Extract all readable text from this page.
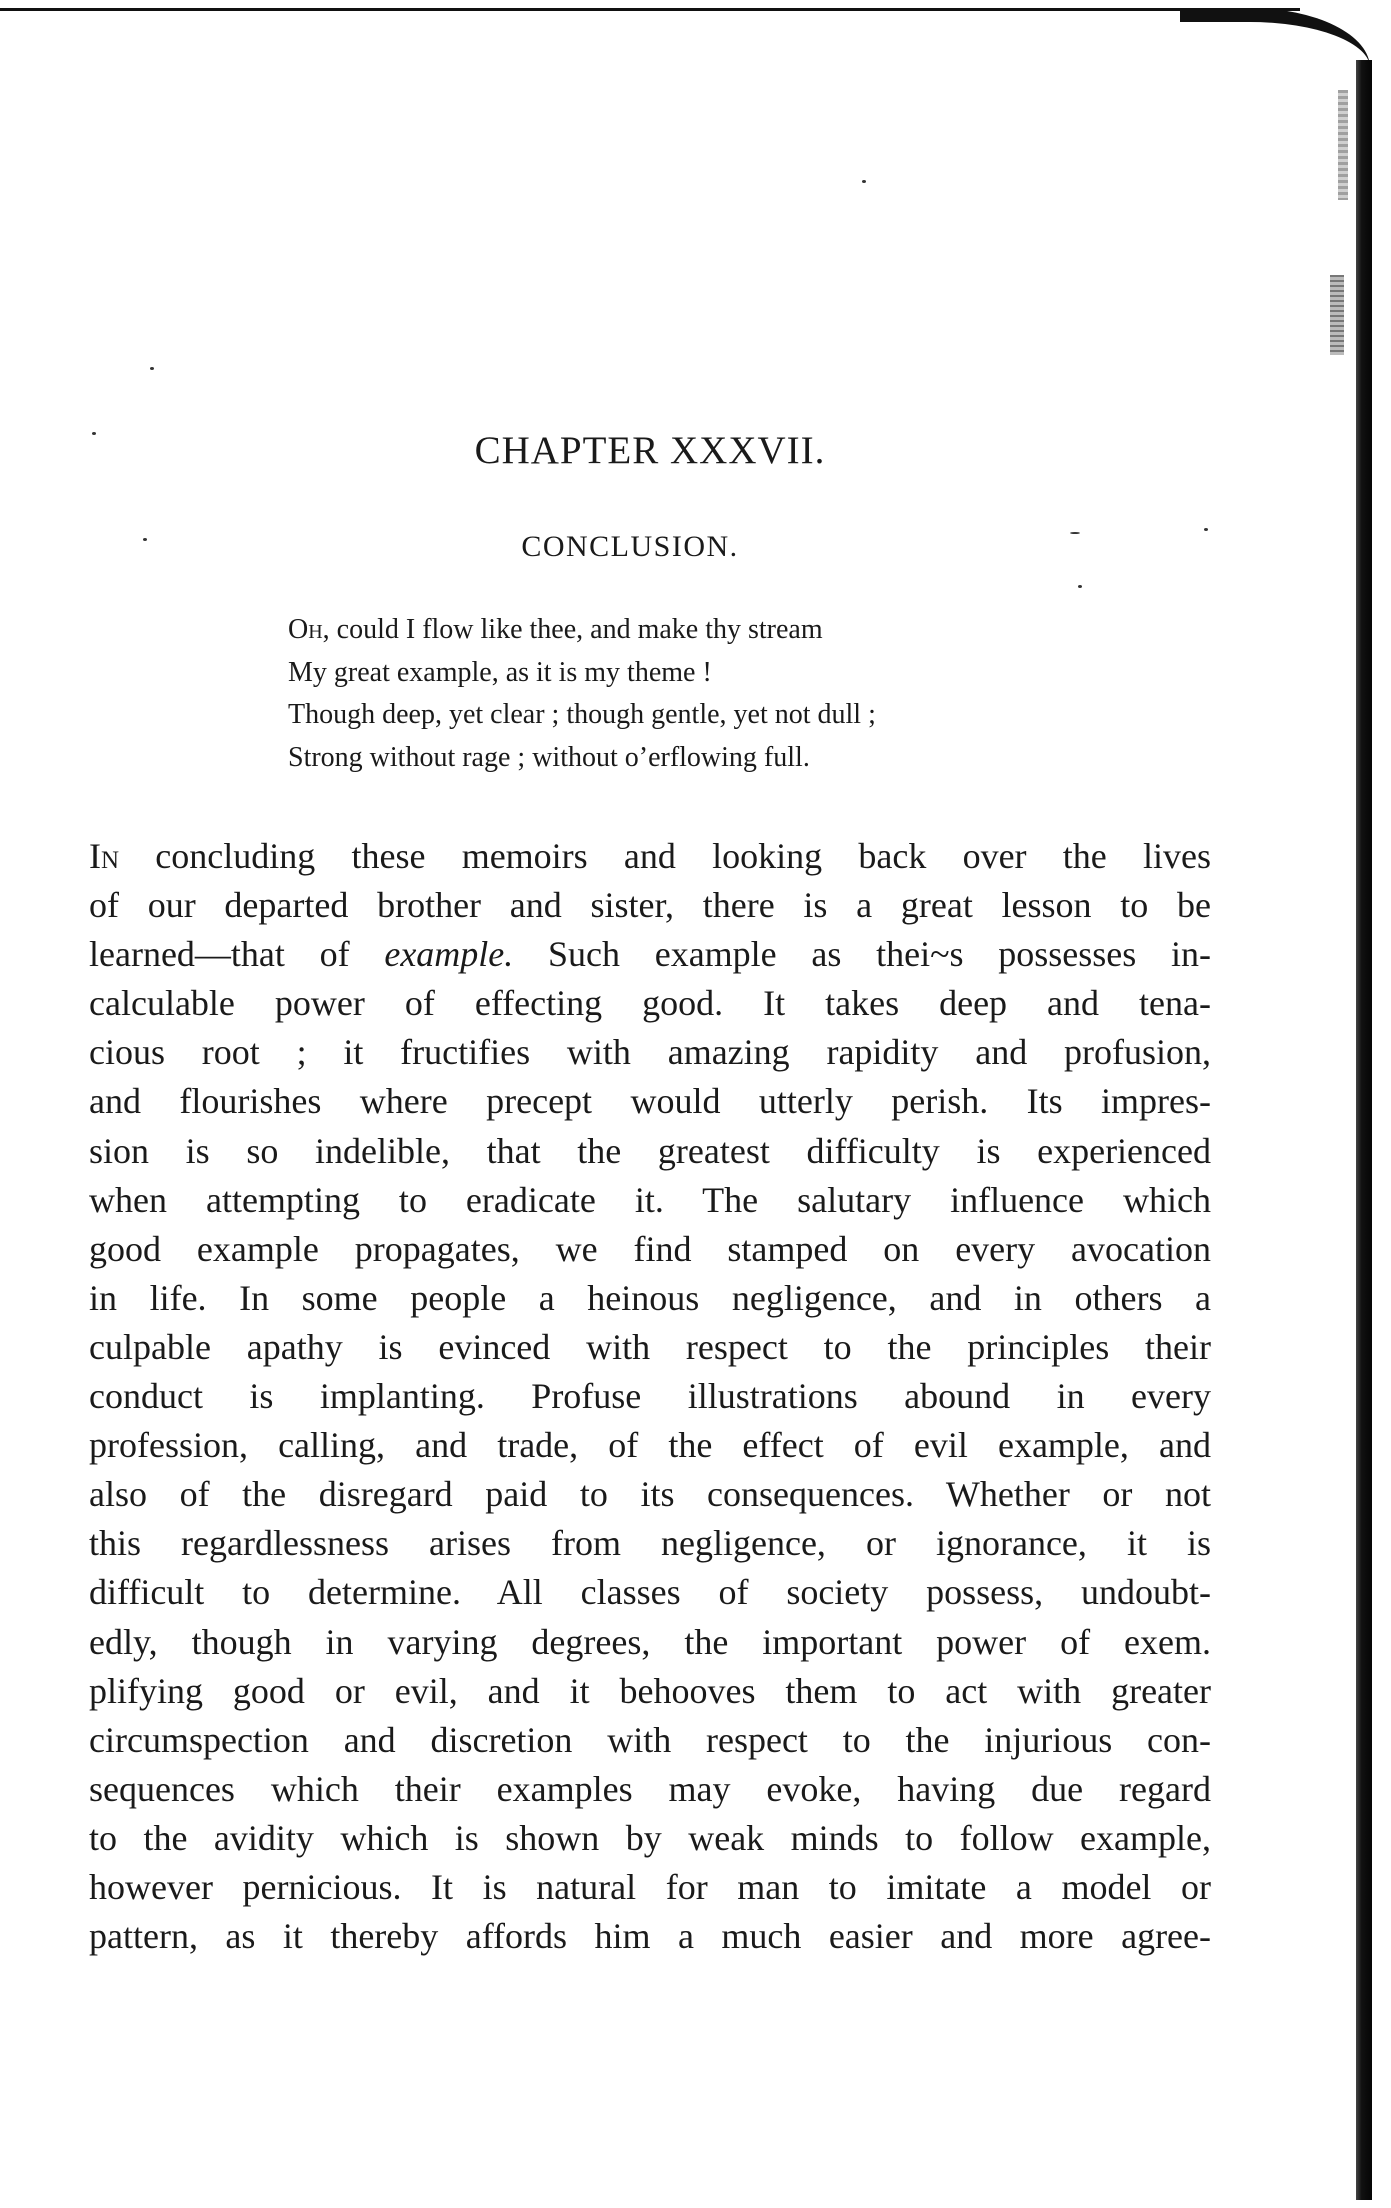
CHAPTER XXXVII.
CONCLUSION.
Oh, could I flow like thee, and make thy stream
My great example, as it is my theme !
Though deep, yet clear ; though gentle, yet not dull ;
Strong without rage ; without o’erflowing full.
In concluding these memoirs and looking back over the lives
of our departed brother and sister, there is a great lesson to be
learned—that of example. Such example as thei~s possesses in-
calculable power of effecting good. It takes deep and tena-
cious root ; it fructifies with amazing rapidity and profusion,
and flourishes where precept would utterly perish. Its impres-
sion is so indelible, that the greatest difficulty is experienced
when attempting to eradicate it. The salutary influence which
good example propagates, we find stamped on every avocation
in life. In some people a heinous negligence, and in others a
culpable apathy is evinced with respect to the principles their
conduct is implanting. Profuse illustrations abound in every
profession, calling, and trade, of the effect of evil example, and
also of the disregard paid to its consequences. Whether or not
this regardlessness arises from negligence, or ignorance, it is
difficult to determine. All classes of society possess, undoubt-
edly, though in varying degrees, the important power of exem.
plifying good or evil, and it behooves them to act with greater
circumspection and discretion with respect to the injurious con-
sequences which their examples may evoke, having due regard
to the avidity which is shown by weak minds to follow example,
however pernicious. It is natural for man to imitate a model or
pattern, as it thereby affords him a much easier and more agree-
